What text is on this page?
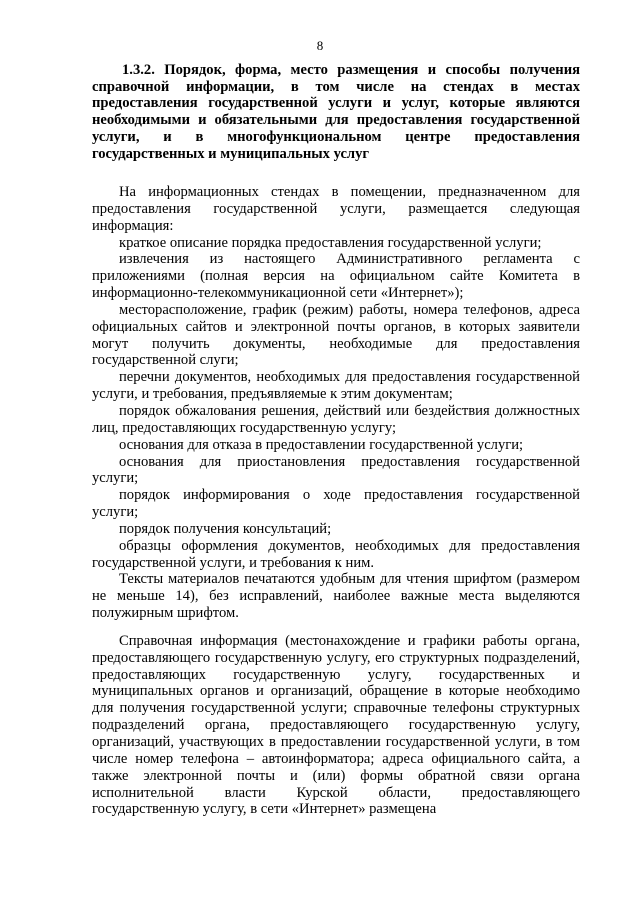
8
1.3.2. Порядок, форма, место размещения и способы получения справочной информации, в том числе на стендах в местах предоставления государственной услуги и услуг, которые являются необходимыми и обязательными для предоставления государственной услуги, и в многофункциональном центре предоставления государственных и муниципальных услуг

На информационных стендах в помещении, предназначенном для предоставления государственной услуги, размещается следующая информация:

краткое описание порядка предоставления государственной услуги;

извлечения из настоящего Административного регламента с приложениями (полная версия на официальном сайте Комитета в информационно-телекоммуникационной сети «Интернет»);

месторасположение, график (режим) работы, номера телефонов, адреса официальных сайтов и электронной почты органов, в которых заявители могут получить документы, необходимые для предоставления государственной слуги;

перечни документов, необходимых для предоставления государственной услуги, и требования, предъявляемые к этим документам;

порядок обжалования решения, действий или бездействия должностных лиц, предоставляющих государственную услугу;

основания для отказа в предоставлении государственной услуги;

основания для приостановления предоставления государственной услуги;

порядок информирования о ходе предоставления государственной услуги;

порядок получения консультаций;

образцы оформления документов, необходимых для предоставления государственной услуги, и требования к ним.

Тексты материалов печатаются удобным для чтения шрифтом (размером не меньше 14), без исправлений, наиболее важные места выделяются полужирным шрифтом.

Справочная информация (местонахождение и графики работы органа, предоставляющего государственную услугу, его структурных подразделений, предоставляющих государственную услугу, государственных и муниципальных органов и организаций, обращение в которые необходимо для получения государственной услуги; справочные телефоны структурных подразделений органа, предоставляющего государственную услугу, организаций, участвующих в предоставлении государственной услуги, в том числе номер телефона – автоинформатора; адреса официального сайта, а также электронной почты и (или) формы обратной связи органа исполнительной власти Курской области, предоставляющего государственную услугу, в сети «Интернет» размещена
